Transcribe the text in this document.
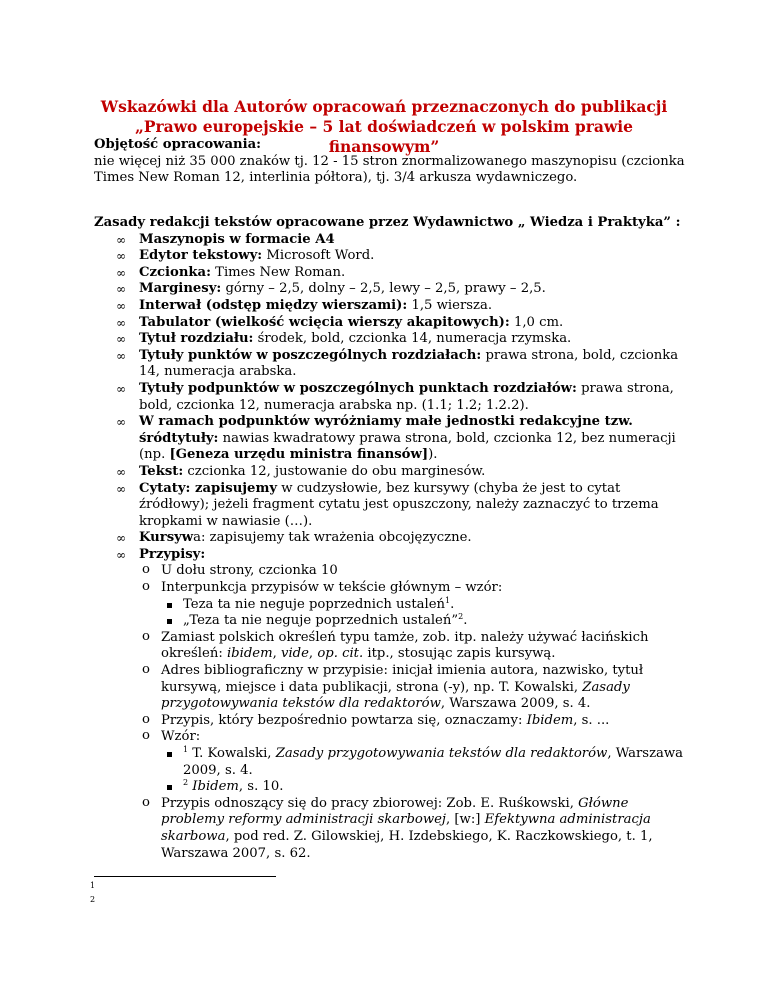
Wskazówki dla Autorów opracowań przeznaczonych do publikacji
„Prawo europejskie – 5 lat doświadczeń w polskim prawie finansowym”
Objętość opracowania:
nie więcej niż 35 000 znaków tj. 12 - 15 stron znormalizowanego maszynopisu (czcionka
Times New Roman 12, interlinia półtora), tj. 3/4 arkusza wydawniczego.
Zasady redakcji tekstów opracowane przez Wydawnictwo „ Wiedza i Praktyka” :
∞ Maszynopis w formacie A4
∞ Edytor tekstowy: Microsoft Word.
∞ Czcionka: Times New Roman.
∞ Marginesy: górny – 2,5, dolny – 2,5, lewy – 2,5, prawy – 2,5.
∞ Interwał (odstęp między wierszami): 1,5 wiersza.
∞ Tabulator (wielkość wcięcia wierszy akapitowych): 1,0 cm.
∞ Tytuł rozdziału: środek, bold, czcionka 14, numeracja rzymska.
∞ Tytuły punktów w poszczególnych rozdziałach: prawa strona, bold, czcionka 14, numeracja arabska.
∞ Tytuły podpunktów w poszczególnych punktach rozdziałów: prawa strona, bold, czcionka 12, numeracja arabska np. (1.1; 1.2; 1.2.2).
∞ W ramach podpunktów wyróżniamy małe jednostki redakcyjne tzw. śródtytuły: nawias kwadratowy prawa strona, bold, czcionka 12, bez numeracji (np. [Geneza urzędu ministra finansów]).
∞ Tekst: czcionka 12, justowanie do obu marginesów.
∞ Cytaty: zapisujemy w cudzysłowie, bez kursywy (chyba że jest to cytat źródłowy); jeżeli fragment cytatu jest opuszczony, należy zaznaczyć to trzema kropkami w nawiasie (…).
∞ Kursywa: zapisujemy tak wrażenia obcojęzyczne.
∞ Przypisy:
o U dołu strony, czcionka 10
o Interpunkcja przypisów w tekście głównym – wzór:
Teza ta nie neguje poprzednich ustaleń$^1$.
„Teza ta nie neguje poprzednich ustaleń”$^2$.
o Zamiast polskich określeń typu tamże, zob. itp. należy używać łacińskich określeń: ibidem, vide, op. cit. itp., stosując zapis kursywą.
o Adres bibliograficzny w przypisie: inicjał imienia autora, nazwisko, tytuł kursywą, miejsce i data publikacji, strona (-y), np. T. Kowalski, Zasady przygotowywania tekstów dla redaktorów, Warszawa 2009, s. 4.
o Przypis, który bezpośrednio powtarza się, oznaczamy: Ibidem, s. ...
o Wzór:
$^1$ T. Kowalski, Zasady przygotowywania tekstów dla redaktorów, Warszawa 2009, s. 4.
$^2$ Ibidem, s. 10.
o Przypis odnoszący się do pracy zbiorowej: Zob. E. Ruśkowski, Główne problemy reformy administracji skarbowej, [w:] Efektywna administracja skarbowa, pod red. Z. Gilowskiej, H. Izdebskiego, K. Raczkowskiego, t. 1, Warszawa 2007, s. 62.
1
2
